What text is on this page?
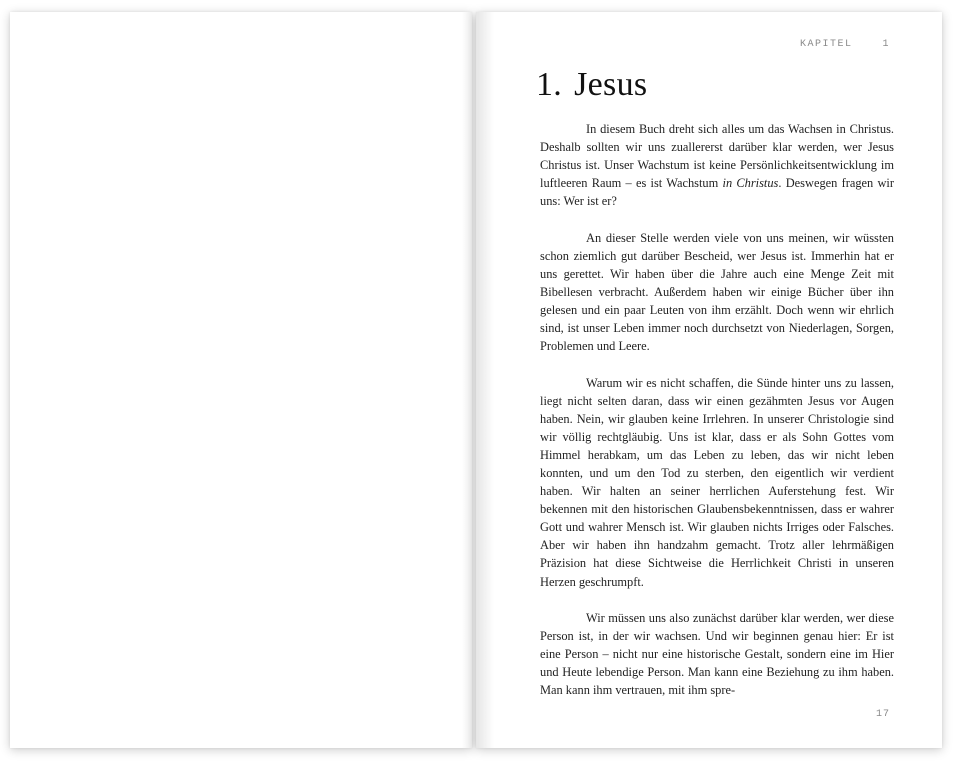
KAPITEL	1
1. Jesus

In diesem Buch dreht sich alles um das Wachsen in Christus. Deshalb sollten wir uns zuallererst darüber klar werden, wer Jesus Christus ist. Unser Wachstum ist keine Persönlichkeitsentwicklung im luftleeren Raum – es ist Wachstum in Christus. Deswegen fragen wir uns: Wer ist er?

An dieser Stelle werden viele von uns meinen, wir wüssten schon ziemlich gut darüber Bescheid, wer Jesus ist. Immerhin hat er uns gerettet. Wir haben über die Jahre auch eine Menge Zeit mit Bibellesen verbracht. Außerdem haben wir einige Bücher über ihn gelesen und ein paar Leuten von ihm erzählt. Doch wenn wir ehrlich sind, ist unser Leben immer noch durchsetzt von Niederlagen, Sorgen, Problemen und Leere.

Warum wir es nicht schaffen, die Sünde hinter uns zu lassen, liegt nicht selten daran, dass wir einen gezähmten Jesus vor Augen haben. Nein, wir glauben keine Irrlehren. In unserer Christologie sind wir völlig rechtgläubig. Uns ist klar, dass er als Sohn Gottes vom Himmel herabkam, um das Leben zu leben, das wir nicht leben konnten, und um den Tod zu sterben, den eigentlich wir verdient haben. Wir halten an seiner herrlichen Auferstehung fest. Wir bekennen mit den historischen Glaubensbekenntnissen, dass er wahrer Gott und wahrer Mensch ist. Wir glauben nichts Irriges oder Falsches. Aber wir haben ihn handzahm gemacht. Trotz aller lehrmäßigen Präzision hat diese Sichtweise die Herrlichkeit Christi in unseren Herzen geschrumpft.

Wir müssen uns also zunächst darüber klar werden, wer diese Person ist, in der wir wachsen. Und wir beginnen genau hier: Er ist eine Person – nicht nur eine historische Gestalt, sondern eine im Hier und Heute lebendige Person. Man kann eine Beziehung zu ihm haben. Man kann ihm vertrauen, mit ihm spre-

17
